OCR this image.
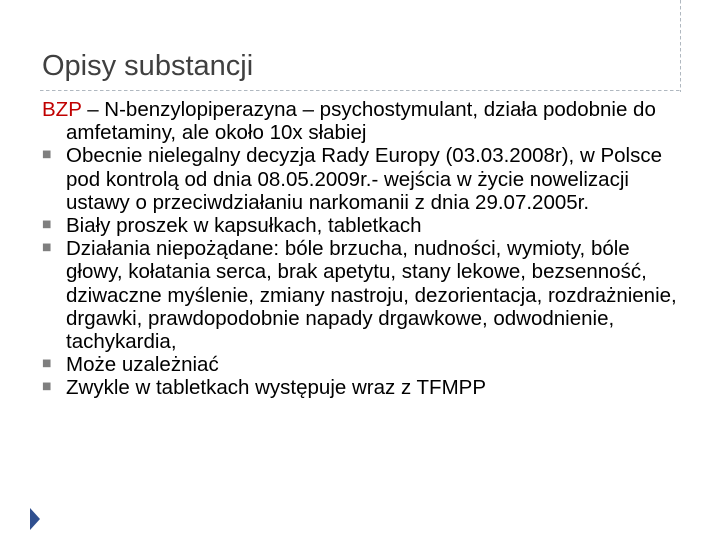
Opisy substancji

BZP – N-benzylopiperazyna – psychostymulant, działa podobnie do amfetaminy, ale około 10x słabiej

■ Obecnie nielegalny decyzja Rady Europy (03.03.2008r), w Polsce pod kontrolą od dnia 08.05.2009r.- wejścia w życie nowelizacji ustawy o przeciwdziałaniu narkomanii z dnia 29.07.2005r.

■ Biały proszek w kapsułkach, tabletkach

■ Działania niepożądane: bóle brzucha, nudności, wymioty, bóle głowy, kołatania serca, brak apetytu, stany lekowe, bezsenność, dziwaczne myślenie, zmiany nastroju, dezorientacja, rozdrażnienie, drgawki, prawdopodobnie napady drgawkowe, odwodnienie, tachykardia,

■ Może uzależniać

■ Zwykle w tabletkach występuje wraz z TFMPP
